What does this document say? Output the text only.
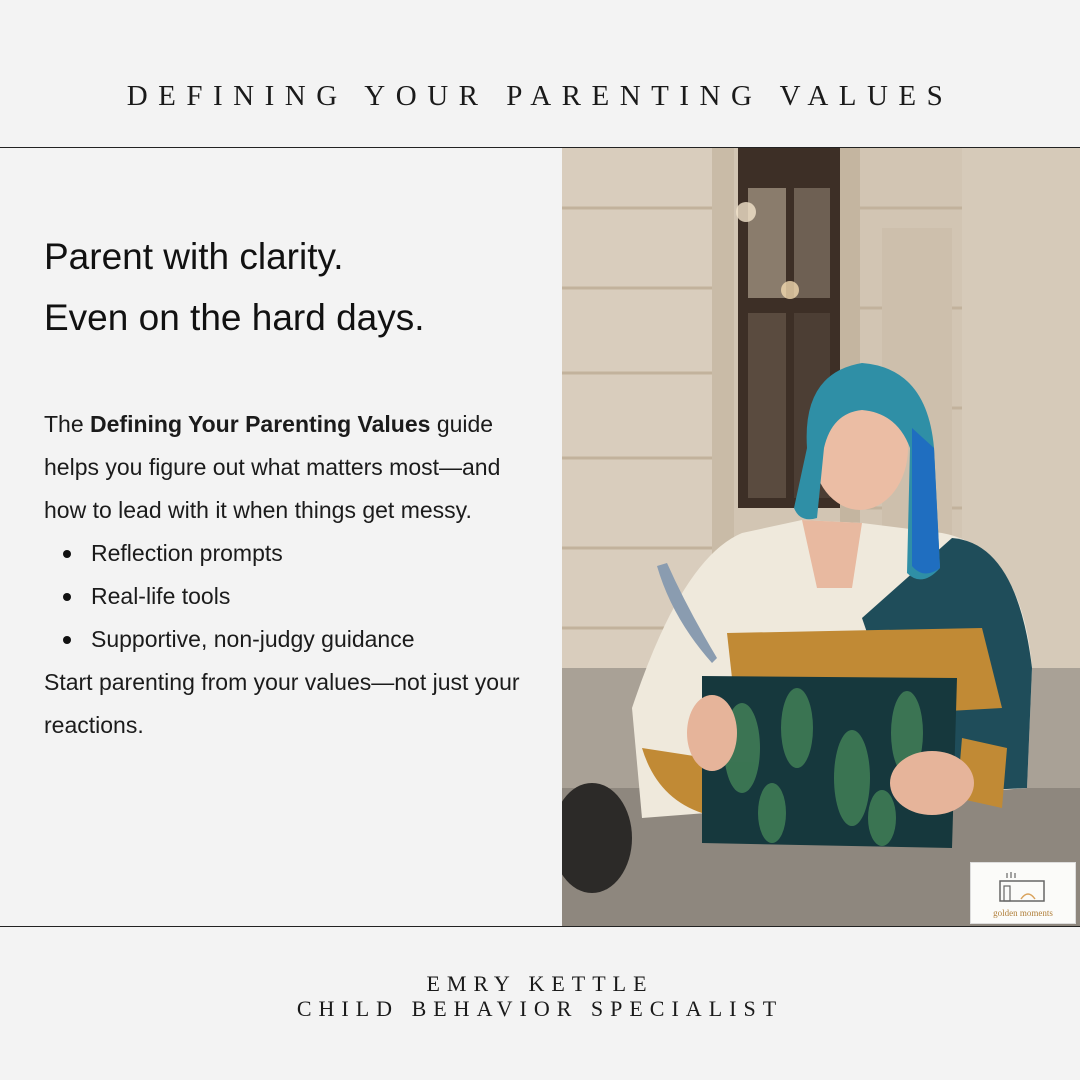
DEFINING YOUR PARENTING VALUES
Parent with clarity.
Even on the hard days.
The Defining Your Parenting Values guide helps you figure out what matters most—and how to lead with it when things get messy.
Reflection prompts
Real-life tools
Supportive, non-judgy guidance
Start parenting from your values—not just your reactions.
golden moments
EMRY KETTLE
CHILD BEHAVIOR SPECIALIST
